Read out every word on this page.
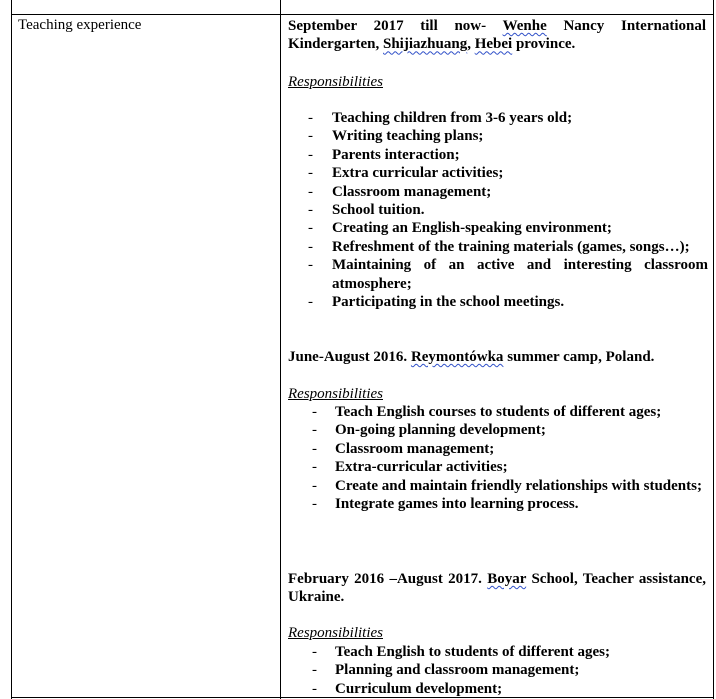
Teaching experience	September 2017 till now- Wenhe Nancy International Kindergarten, Shijiazhuang, Hebei province.
Responsibilities
- Teaching children from 3-6 years old;
- Writing teaching plans;
- Parents interaction;
- Extra curricular activities;
- Classroom management;
- School tuition.
- Creating an English-speaking environment;
- Refreshment of the training materials (games, songs…);
- Maintaining of an active and interesting classroom atmosphere;
- Participating in the school meetings.
June-August 2016. Reymontówka summer camp, Poland.
Responsibilities
- Teach English courses to students of different ages;
- On-going planning development;
- Classroom management;
- Extra-curricular activities;
- Create and maintain friendly relationships with students;
- Integrate games into learning process.
February 2016 –August 2017. Boyar School, Teacher assistance, Ukraine.
Responsibilities
- Teach English to students of different ages;
- Planning and classroom management;
- Curriculum development;
